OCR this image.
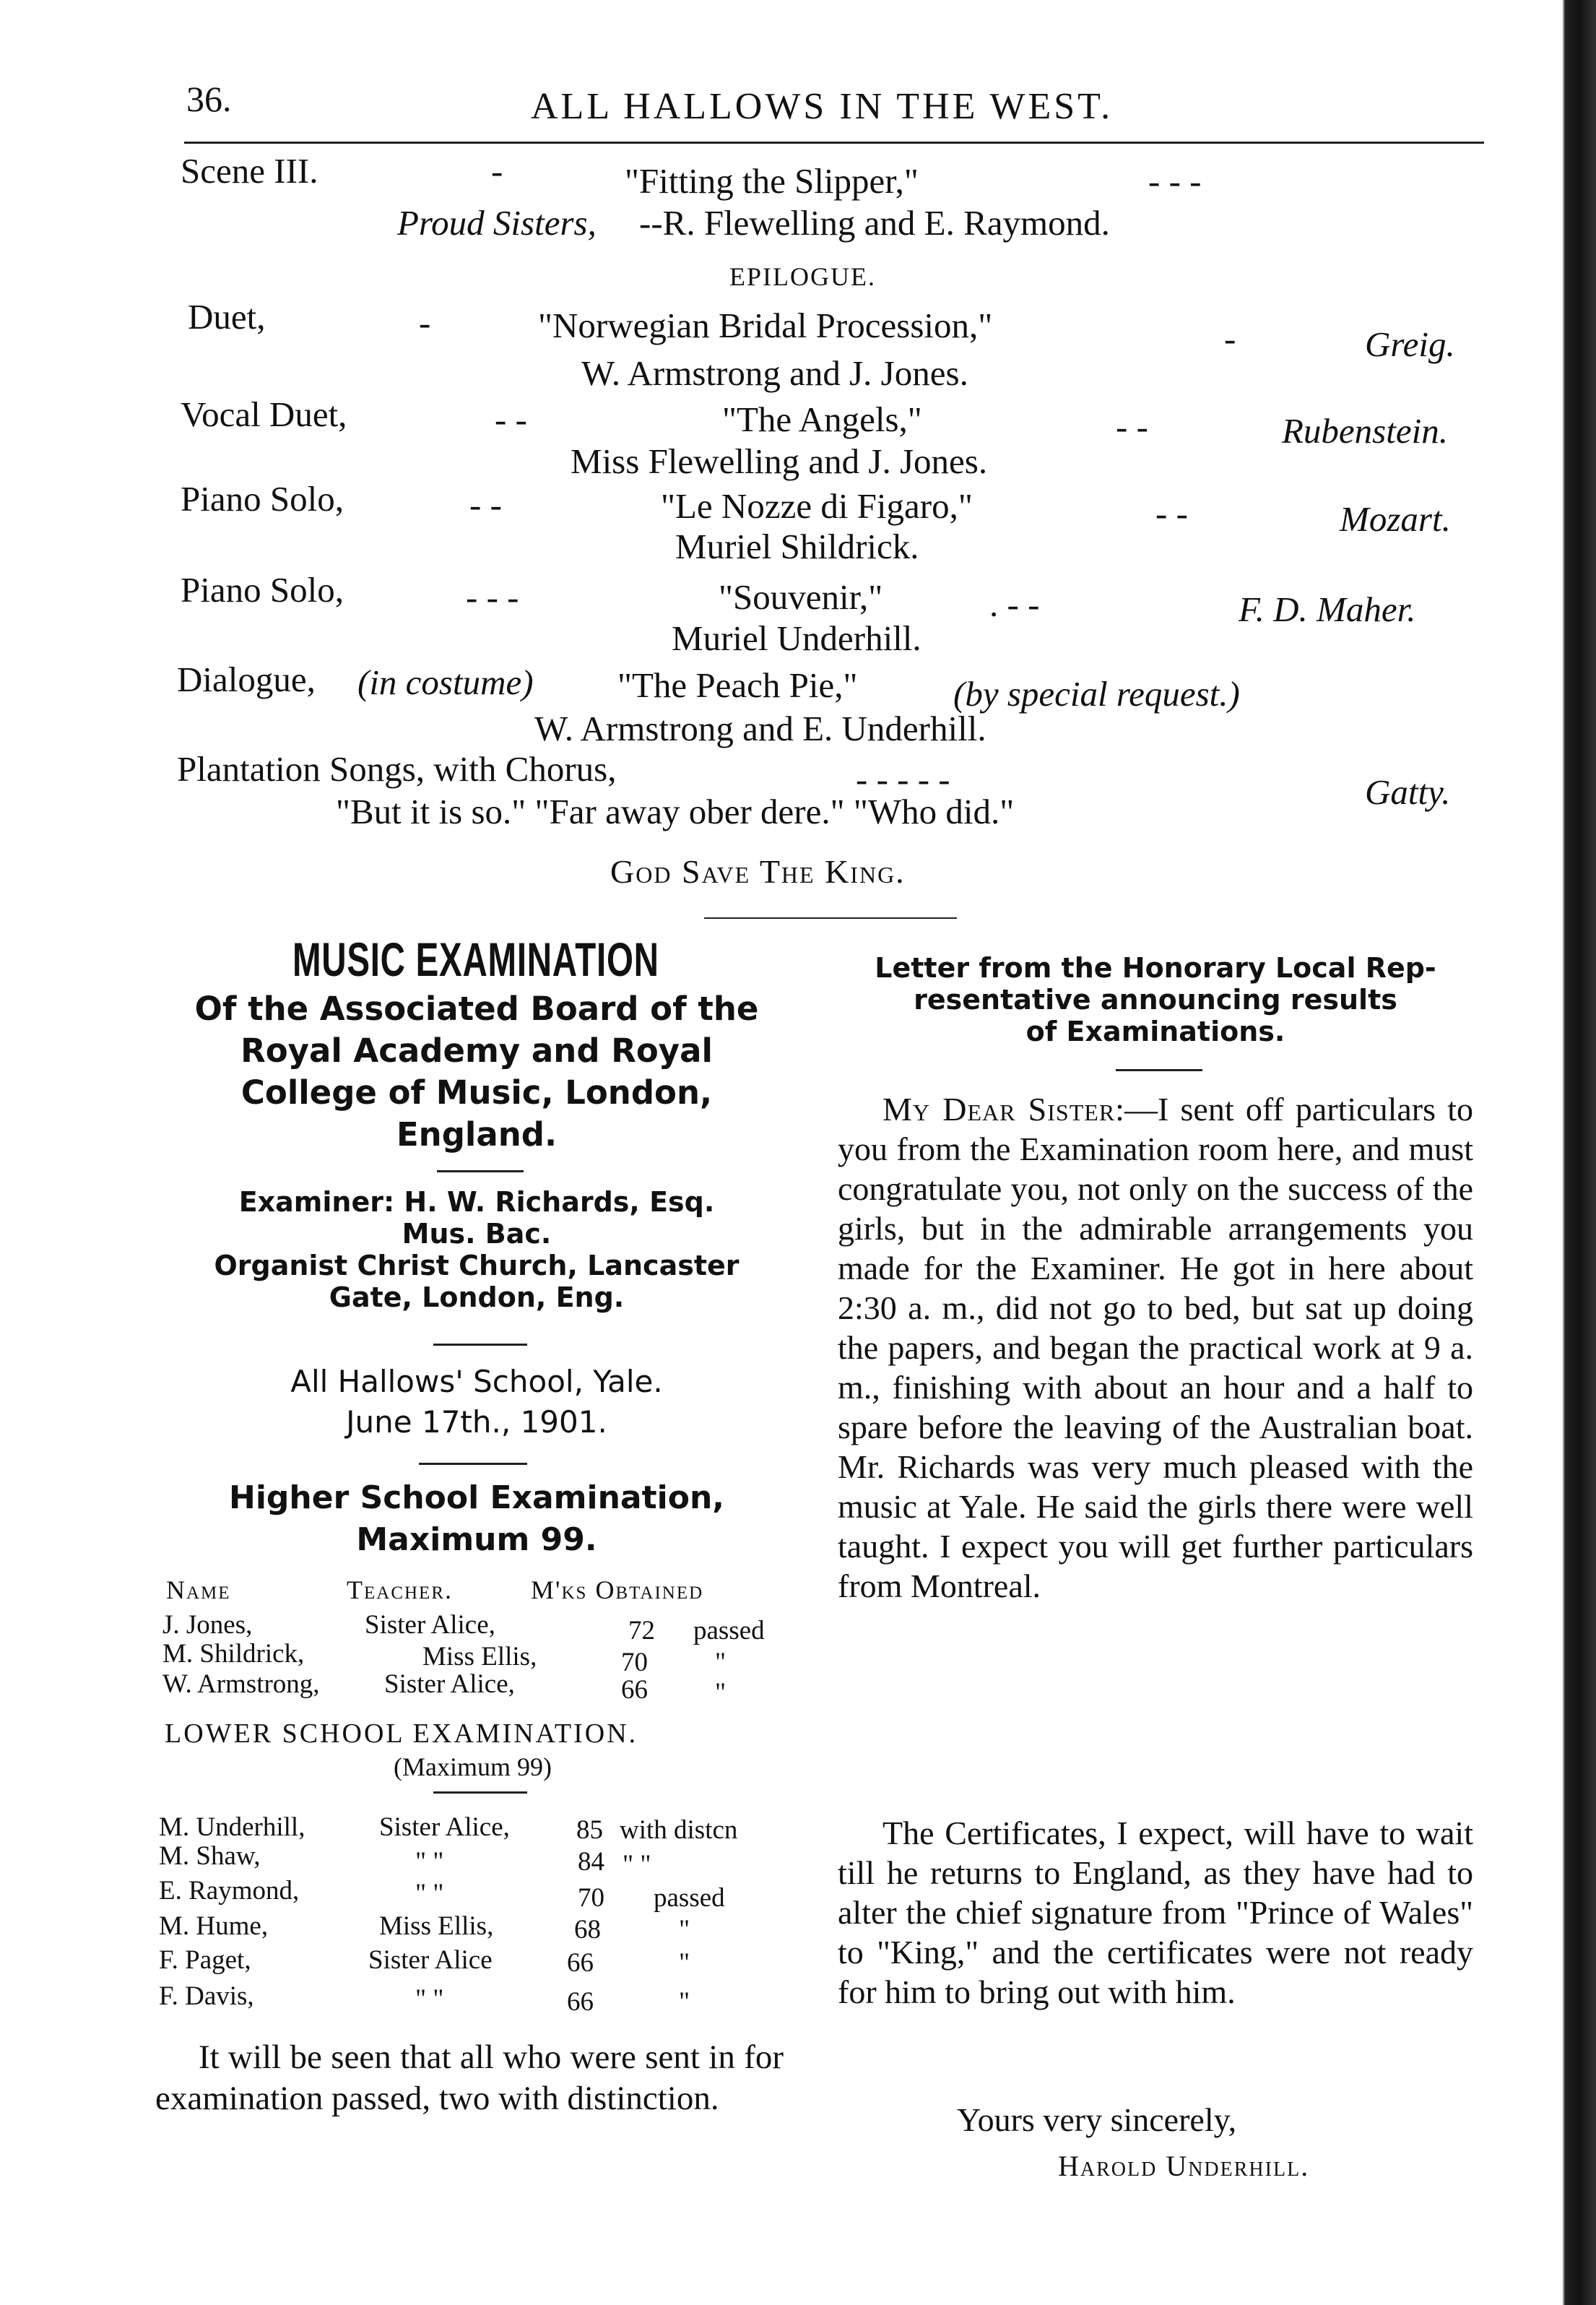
36.	ALL HALLOWS IN THE WEST.
Scene III.	-	"Fitting the Slipper,"	- - -
Proud Sisters, --R. Flewelling and E. Raymond.
EPILOGUE.
Duet,	-	"Norwegian Bridal Procession,"	-	Greig.
W. Armstrong and J. Jones.
Vocal Duet,	- -	"The Angels,"	- -	Rubenstein.
Miss Flewelling and J. Jones.
Piano Solo,	- -	"Le Nozze di Figaro,"	- -	Mozart.
Muriel Shildrick.
Piano Solo,	- - -	"Souvenir,"	. - -	F. D. Maher.
Muriel Underhill.
Dialogue, (in costume) "The Peach Pie,"	(by special request.)
W. Armstrong and E. Underhill.
Plantation Songs, with Chorus,	- - - - -	Gatty.
"But it is so." "Far away ober dere." "Who did."
God Save The King.
MUSIC EXAMINATION
Of the Associated Board of the
Royal Academy and Royal
College of Music, London,
England.
Examiner: H. W. Richards, Esq.
Mus. Bac.
Organist Christ Church, Lancaster
Gate, London, Eng.
All Hallows' School, Yale.
June 17th., 1901.
Higher School Examination,
Maximum 99.
Name	Teacher.	M'ks Obtained
J. Jones,	Sister Alice,	72 passed
M. Shildrick,	Miss Ellis,	70	"
W. Armstrong, Sister Alice,	66	"
LOWER SCHOOL EXAMINATION.
(Maximum 99)
M. Underhill,	Sister Alice, 85 with distcn
M. Shaw,	" "	84 " "
E. Raymond,	" "	70 passed
M. Hume,	Miss Ellis,	68	"
F. Paget,	Sister Alice	66	"
F. Davis,	" "	66	"
It will be seen that all who were sent in for examination passed, two with distinction.
Letter from the Honorary Local Rep-
resentative announcing results
of Examinations.
My Dear Sister:—I sent off particulars to you from the Examination room here, and must congratulate you, not only on the success of the girls, but in the admirable arrangements you made for the Examiner. He got in here about 2:30 a. m., did not go to bed, but sat up doing the papers, and began the practical work at 9 a. m., finishing with about an hour and a half to spare before the leaving of the Australian boat. Mr. Richards was very much pleased with the music at Yale. He said the girls there were well taught. I expect you will get further particulars from Montreal.
The Certificates, I expect, will have to wait till he returns to England, as they have had to alter the chief signature from "Prince of Wales" to "King," and the certificates were not ready for him to bring out with him.
Yours very sincerely,
Harold Underhill.
